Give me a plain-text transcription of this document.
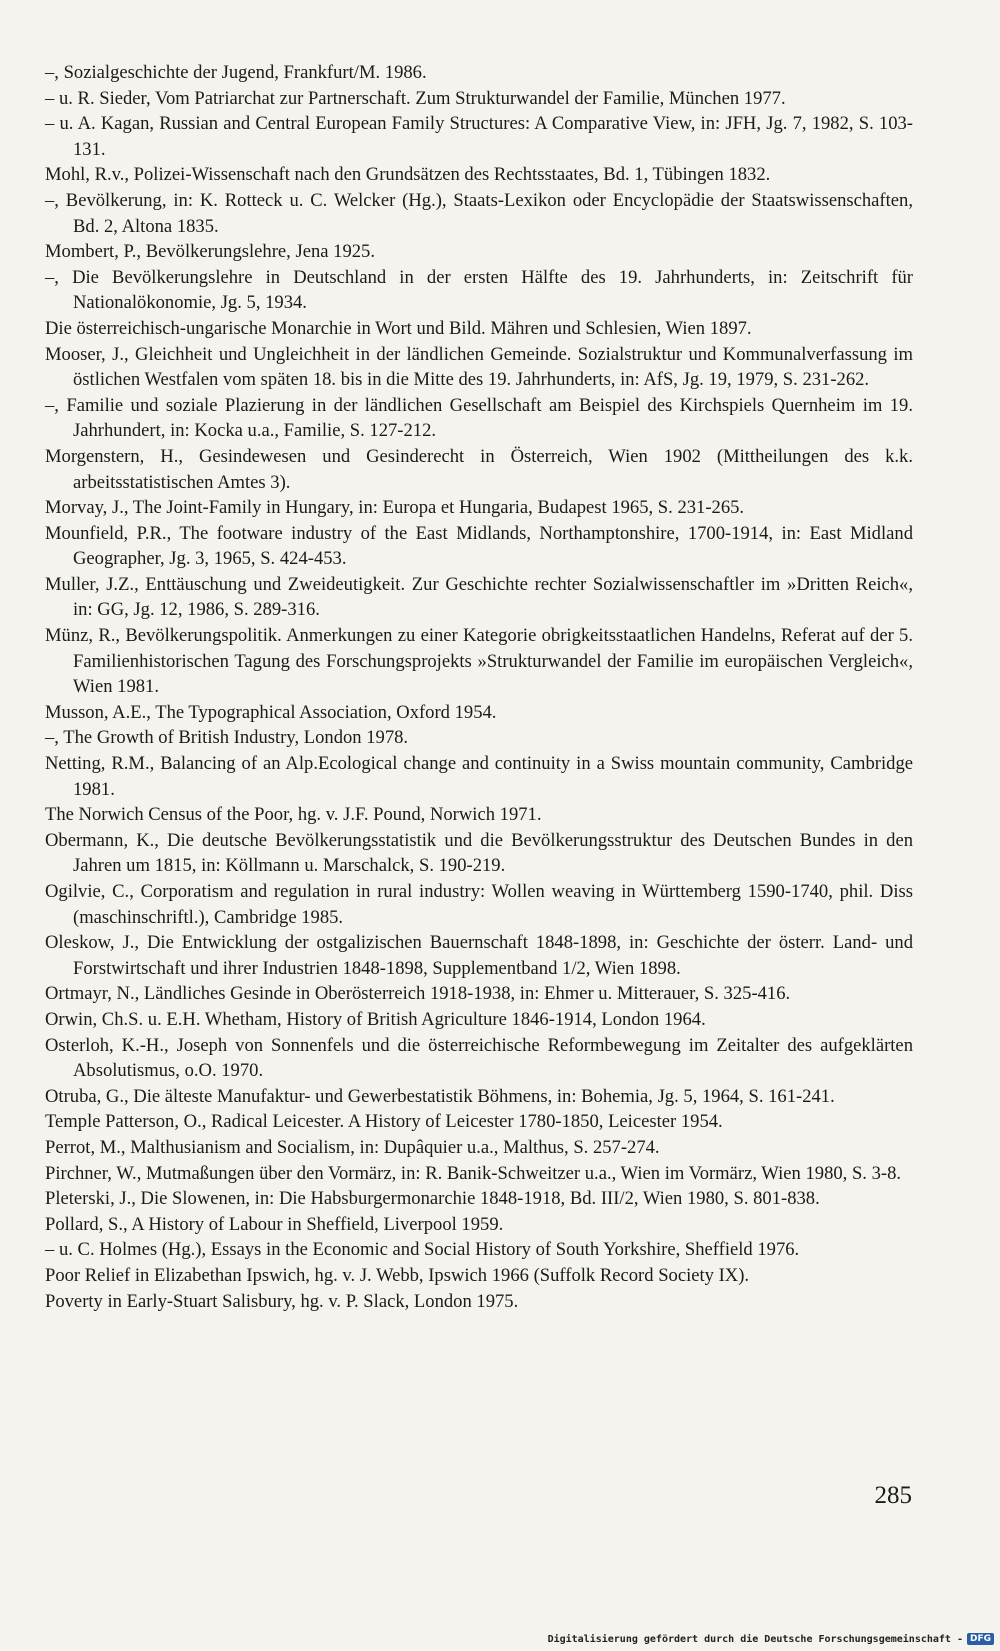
–, Sozialgeschichte der Jugend, Frankfurt/M. 1986.
– u. R. Sieder, Vom Patriarchat zur Partnerschaft. Zum Strukturwandel der Familie, München 1977.
– u. A. Kagan, Russian and Central European Family Structures: A Comparative View, in: JFH, Jg. 7, 1982, S. 103-131.
Mohl, R.v., Polizei-Wissenschaft nach den Grundsätzen des Rechtsstaates, Bd. 1, Tübingen 1832.
–, Bevölkerung, in: K. Rotteck u. C. Welcker (Hg.), Staats-Lexikon oder Encyclopädie der Staatswissenschaften, Bd. 2, Altona 1835.
Mombert, P., Bevölkerungslehre, Jena 1925.
–, Die Bevölkerungslehre in Deutschland in der ersten Hälfte des 19. Jahrhunderts, in: Zeitschrift für Nationalökonomie, Jg. 5, 1934.
Die österreichisch-ungarische Monarchie in Wort und Bild. Mähren und Schlesien, Wien 1897.
Mooser, J., Gleichheit und Ungleichheit in der ländlichen Gemeinde. Sozialstruktur und Kommunalverfassung im östlichen Westfalen vom späten 18. bis in die Mitte des 19. Jahrhunderts, in: AfS, Jg. 19, 1979, S. 231-262.
–, Familie und soziale Plazierung in der ländlichen Gesellschaft am Beispiel des Kirchspiels Quernheim im 19. Jahrhundert, in: Kocka u.a., Familie, S. 127-212.
Morgenstern, H., Gesindewesen und Gesinderecht in Österreich, Wien 1902 (Mittheilungen des k.k. arbeitsstatistischen Amtes 3).
Morvay, J., The Joint-Family in Hungary, in: Europa et Hungaria, Budapest 1965, S. 231-265.
Mounfield, P.R., The footware industry of the East Midlands, Northamptonshire, 1700-1914, in: East Midland Geographer, Jg. 3, 1965, S. 424-453.
Muller, J.Z., Enttäuschung und Zweideutigkeit. Zur Geschichte rechter Sozialwissenschaftler im »Dritten Reich«, in: GG, Jg. 12, 1986, S. 289-316.
Münz, R., Bevölkerungspolitik. Anmerkungen zu einer Kategorie obrigkeitsstaatlichen Handelns, Referat auf der 5. Familienhistorischen Tagung des Forschungsprojekts »Strukturwandel der Familie im europäischen Vergleich«, Wien 1981.
Musson, A.E., The Typographical Association, Oxford 1954.
–, The Growth of British Industry, London 1978.
Netting, R.M., Balancing of an Alp.Ecological change and continuity in a Swiss mountain community, Cambridge 1981.
The Norwich Census of the Poor, hg. v. J.F. Pound, Norwich 1971.
Obermann, K., Die deutsche Bevölkerungsstatistik und die Bevölkerungsstruktur des Deutschen Bundes in den Jahren um 1815, in: Köllmann u. Marschalck, S. 190-219.
Ogilvie, C., Corporatism and regulation in rural industry: Wollen weaving in Württemberg 1590-1740, phil. Diss (maschinschriftl.), Cambridge 1985.
Oleskow, J., Die Entwicklung der ostgalizischen Bauernschaft 1848-1898, in: Geschichte der österr. Land- und Forstwirtschaft und ihrer Industrien 1848-1898, Supplementband 1/2, Wien 1898.
Ortmayr, N., Ländliches Gesinde in Oberösterreich 1918-1938, in: Ehmer u. Mitterauer, S. 325-416.
Orwin, Ch.S. u. E.H. Whetham, History of British Agriculture 1846-1914, London 1964.
Osterloh, K.-H., Joseph von Sonnenfels und die österreichische Reformbewegung im Zeitalter des aufgeklärten Absolutismus, o.O. 1970.
Otruba, G., Die älteste Manufaktur- und Gewerbestatistik Böhmens, in: Bohemia, Jg. 5, 1964, S. 161-241.
Temple Patterson, O., Radical Leicester. A History of Leicester 1780-1850, Leicester 1954.
Perrot, M., Malthusianism and Socialism, in: Dupâquier u.a., Malthus, S. 257-274.
Pirchner, W., Mutmaßungen über den Vormärz, in: R. Banik-Schweitzer u.a., Wien im Vormärz, Wien 1980, S. 3-8.
Pleterski, J., Die Slowenen, in: Die Habsburgermonarchie 1848-1918, Bd. III/2, Wien 1980, S. 801-838.
Pollard, S., A History of Labour in Sheffield, Liverpool 1959.
– u. C. Holmes (Hg.), Essays in the Economic and Social History of South Yorkshire, Sheffield 1976.
Poor Relief in Elizabethan Ipswich, hg. v. J. Webb, Ipswich 1966 (Suffolk Record Society IX).
Poverty in Early-Stuart Salisbury, hg. v. P. Slack, London 1975.
285
Digitalisierung gefördert durch die Deutsche Forschungsgemeinschaft - DFG
